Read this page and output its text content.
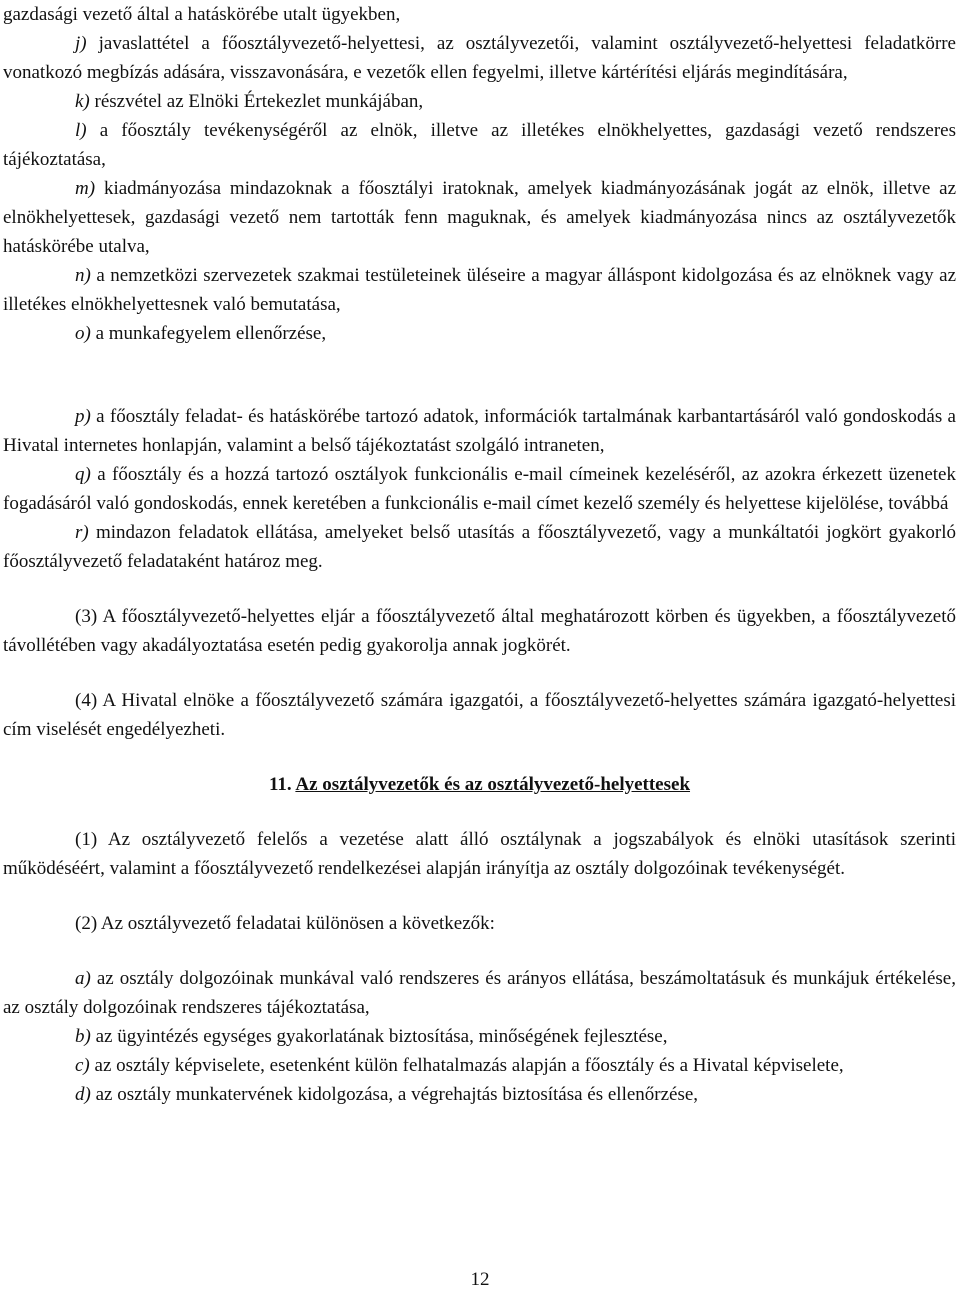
gazdasági vezető által a hatáskörébe utalt ügyekben,

j) javaslattétel a főosztályvezető-helyettesi, az osztályvezetői, valamint osztályvezető-helyettesi feladatkörre vonatkozó megbízás adására, visszavonására, e vezetők ellen fegyelmi, illetve kártérítési eljárás megindítására,

k) részvétel az Elnöki Értekezlet munkájában,

l) a főosztály tevékenységéről az elnök, illetve az illetékes elnökhelyettes, gazdasági vezető rendszeres tájékoztatása,

m) kiadmányozása mindazoknak a főosztályi iratoknak, amelyek kiadmányozásának jogát az elnök, illetve az elnökhelyettesek, gazdasági vezető nem tartották fenn maguknak, és amelyek kiadmányozása nincs az osztályvezetők hatáskörébe utalva,

n) a nemzetközi szervezetek szakmai testületeinek üléseire a magyar álláspont kidolgozása és az elnöknek vagy az illetékes elnökhelyettesnek való bemutatása,

o) a munkafegyelem ellenőrzése,

p) a főosztály feladat- és hatáskörébe tartozó adatok, információk tartalmának karbantartásáról való gondoskodás a Hivatal internetes honlapján, valamint a belső tájékoztatást szolgáló intraneten,

q) a főosztály és a hozzá tartozó osztályok funkcionális e-mail címeinek kezeléséről, az azokra érkezett üzenetek fogadásáról való gondoskodás, ennek keretében a funkcionális e-mail címet kezelő személy és helyettese kijelölése, továbbá

r) mindazon feladatok ellátása, amelyeket belső utasítás a főosztályvezető, vagy a munkáltatói jogkört gyakorló főosztályvezető feladataként határoz meg.

(3) A főosztályvezető-helyettes eljár a főosztályvezető által meghatározott körben és ügyekben, a főosztályvezető távollétében vagy akadályoztatása esetén pedig gyakorolja annak jogkörét.

(4) A Hivatal elnöke a főosztályvezető számára igazgatói, a főosztályvezető-helyettes számára igazgató-helyettesi cím viselését engedélyezheti.

11. Az osztályvezetők és az osztályvezető-helyettesek

(1) Az osztályvezető felelős a vezetése alatt álló osztálynak a jogszabályok és elnöki utasítások szerinti működéséért, valamint a főosztályvezető rendelkezései alapján irányítja az osztály dolgozóinak tevékenységét.

(2) Az osztályvezető feladatai különösen a következők:

a) az osztály dolgozóinak munkával való rendszeres és arányos ellátása, beszámoltatásuk és munkájuk értékelése, az osztály dolgozóinak rendszeres tájékoztatása,

b) az ügyintézés egységes gyakorlatának biztosítása, minőségének fejlesztése,

c) az osztály képviselete, esetenként külön felhatalmazás alapján a főosztály és a Hivatal képviselete,

d) az osztály munkatervének kidolgozása, a végrehajtás biztosítása és ellenőrzése,

12
